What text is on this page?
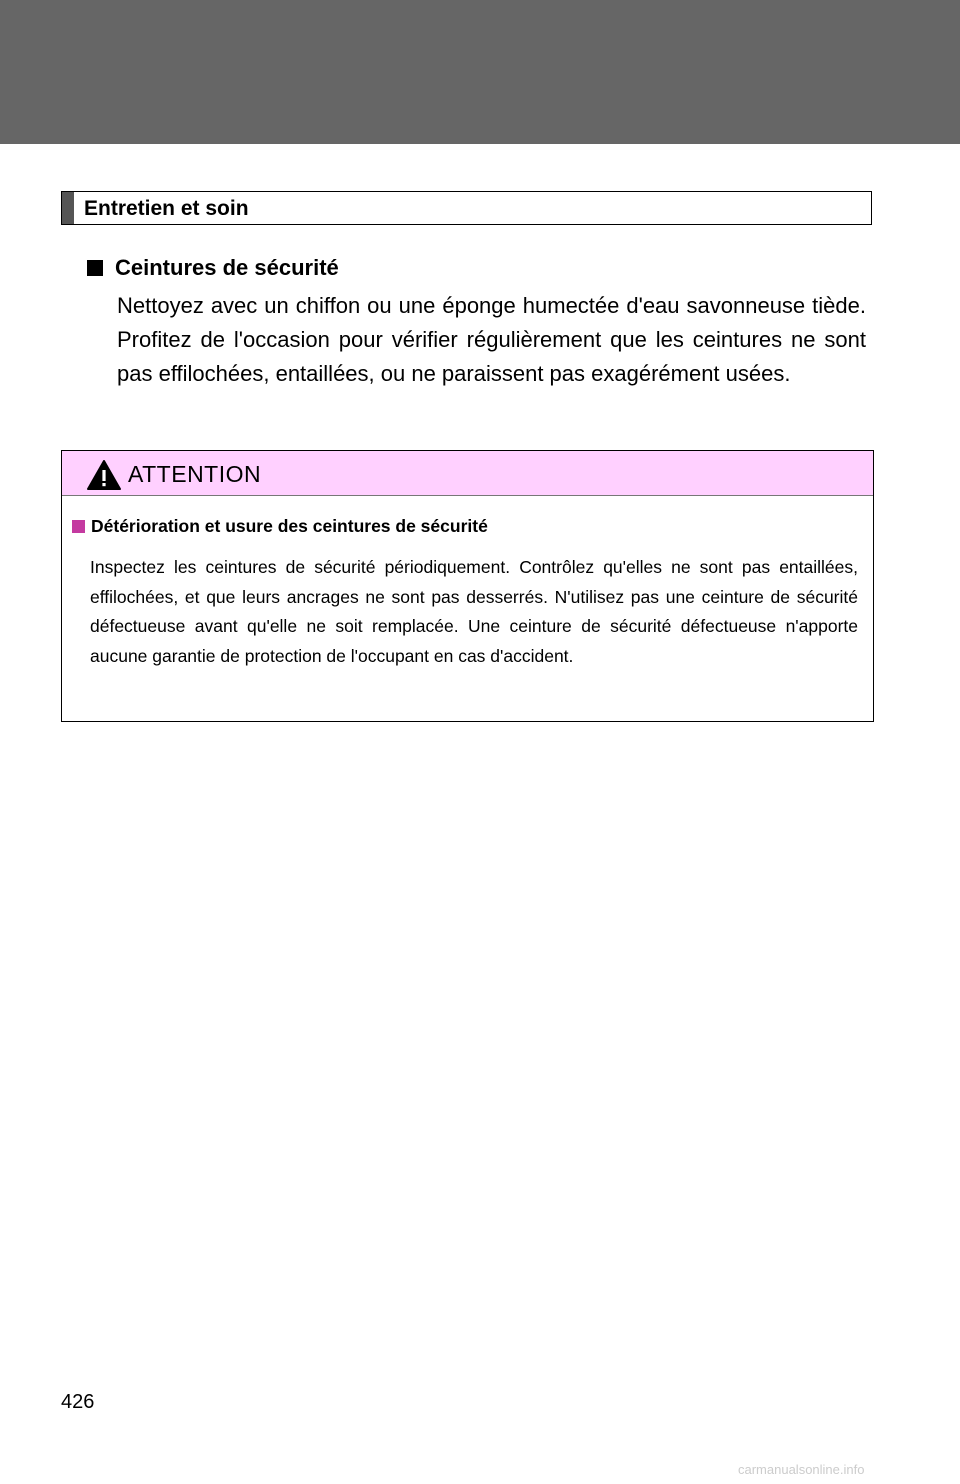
Entretien et soin
Ceintures de sécurité
Nettoyez avec un chiffon ou une éponge humectée d'eau savonneuse tiède. Profitez de l'occasion pour vérifier régulièrement que les ceintures ne sont pas effilochées, entaillées, ou ne paraissent pas exagérément usées.
ATTENTION
Détérioration et usure des ceintures de sécurité
Inspectez les ceintures de sécurité périodiquement. Contrôlez qu'elles ne sont pas entaillées, effilochées, et que leurs ancrages ne sont pas desserrés. N'utilisez pas une ceinture de sécurité défectueuse avant qu'elle ne soit remplacée. Une ceinture de sécurité défectueuse n'apporte aucune garantie de protection de l'occupant en cas d'accident.
426
carmanualsonline.info
